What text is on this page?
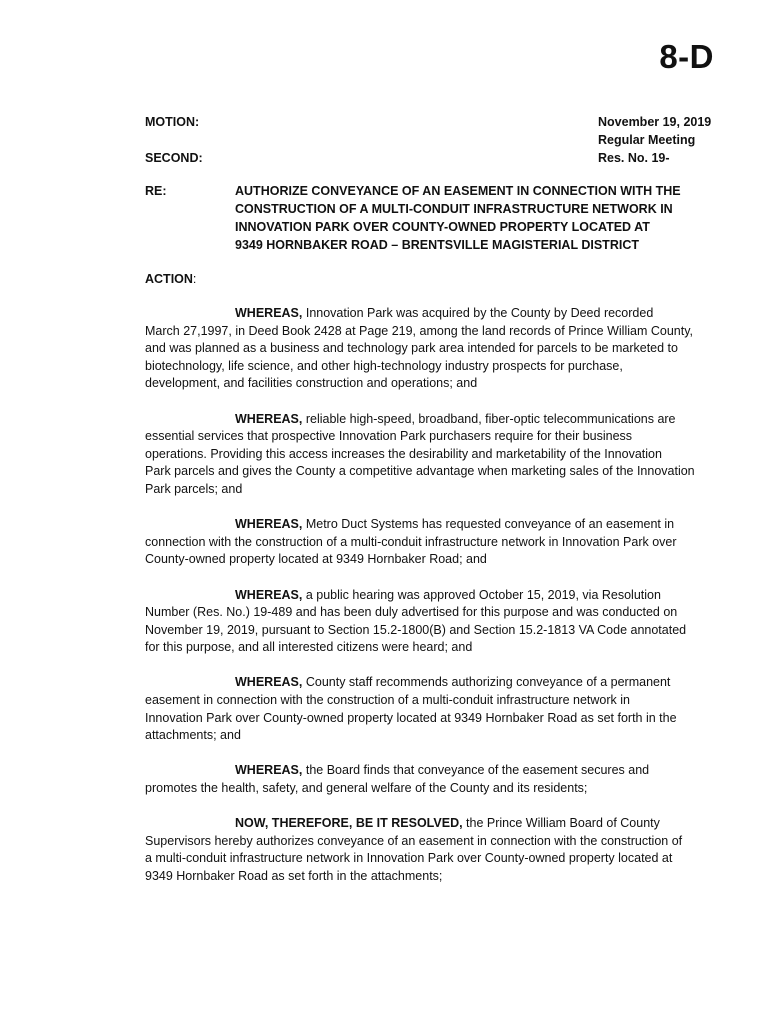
8-D
MOTION:
SECOND:
November 19, 2019
Regular Meeting
Res. No. 19-
RE:	AUTHORIZE CONVEYANCE OF AN EASEMENT IN CONNECTION WITH THE
CONSTRUCTION OF A MULTI-CONDUIT INFRASTRUCTURE NETWORK IN
INNOVATION PARK OVER COUNTY-OWNED PROPERTY LOCATED AT
9349 HORNBAKER ROAD – BRENTSVILLE MAGISTERIAL DISTRICT
ACTION:
WHEREAS, Innovation Park was acquired by the County by Deed recorded
March 27,1997, in Deed Book 2428 at Page 219, among the land records of Prince William County,
and was planned as a business and technology park area intended for parcels to be marketed to
biotechnology, life science, and other high-technology industry prospects for purchase,
development, and facilities construction and operations; and
WHEREAS, reliable high-speed, broadband, fiber-optic telecommunications are
essential services that prospective Innovation Park purchasers require for their business
operations. Providing this access increases the desirability and marketability of the Innovation
Park parcels and gives the County a competitive advantage when marketing sales of the Innovation
Park parcels; and
WHEREAS, Metro Duct Systems has requested conveyance of an easement in
connection with the construction of a multi-conduit infrastructure network in Innovation Park over
County-owned property located at 9349 Hornbaker Road; and
WHEREAS, a public hearing was approved October 15, 2019, via Resolution
Number (Res. No.) 19-489 and has been duly advertised for this purpose and was conducted on
November 19, 2019, pursuant to Section 15.2-1800(B) and Section 15.2-1813 VA Code annotated
for this purpose, and all interested citizens were heard; and
WHEREAS, County staff recommends authorizing conveyance of a permanent
easement in connection with the construction of a multi-conduit infrastructure network in
Innovation Park over County-owned property located at 9349 Hornbaker Road as set forth in the
attachments; and
WHEREAS, the Board finds that conveyance of the easement secures and
promotes the health, safety, and general welfare of the County and its residents;
NOW, THEREFORE, BE IT RESOLVED, the Prince William Board of County
Supervisors hereby authorizes conveyance of an easement in connection with the construction of
a multi-conduit infrastructure network in Innovation Park over County-owned property located at
9349 Hornbaker Road as set forth in the attachments;
